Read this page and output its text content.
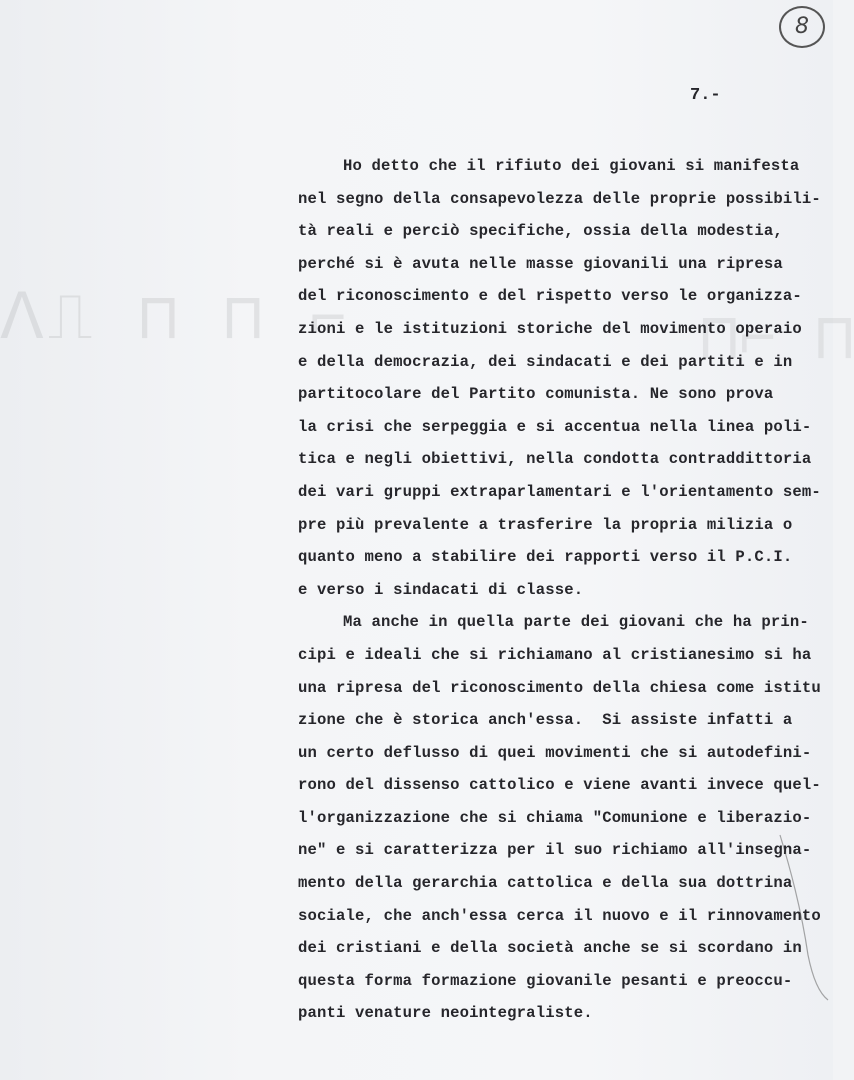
ᐱ⎍ ⊓ ⊓ ⌐	⊓⌐ ⊓
8
7.-
Ho detto che il rifiuto dei giovani si manifesta
nel segno della consapevolezza delle proprie possibili-
tà reali e perciò specifiche, ossia della modestia,
perché si è avuta nelle masse giovanili una ripresa
del riconoscimento e del rispetto verso le organizza-
zioni e le istituzioni storiche del movimento operaio
e della democrazia, dei sindacati e dei partiti e in
partitocolare del Partito comunista. Ne sono prova
la crisi che serpeggia e si accentua nella linea poli-
tica e negli obiettivi, nella condotta contraddittoria
dei vari gruppi extraparlamentari e l'orientamento sem-
pre più prevalente a trasferire la propria milizia o
quanto meno a stabilire dei rapporti verso il P.C.I.
e verso i sindacati di classe.
Ma anche in quella parte dei giovani che ha prin-
cipi e ideali che si richiamano al cristianesimo si ha
una ripresa del riconoscimento della chiesa come istitu
zione che è storica anch'essa.  Si assiste infatti a
un certo deflusso di quei movimenti che si autodefini-
rono del dissenso cattolico e viene avanti invece quel-
l'organizzazione che si chiama "Comunione e liberazio-
ne" e si caratterizza per il suo richiamo all'insegna-
mento della gerarchia cattolica e della sua dottrina
sociale, che anch'essa cerca il nuovo e il rinnovamento
dei cristiani e della società anche se si scordano in
questa forma formazione giovanile pesanti e preoccu-
panti venature neointegraliste.
